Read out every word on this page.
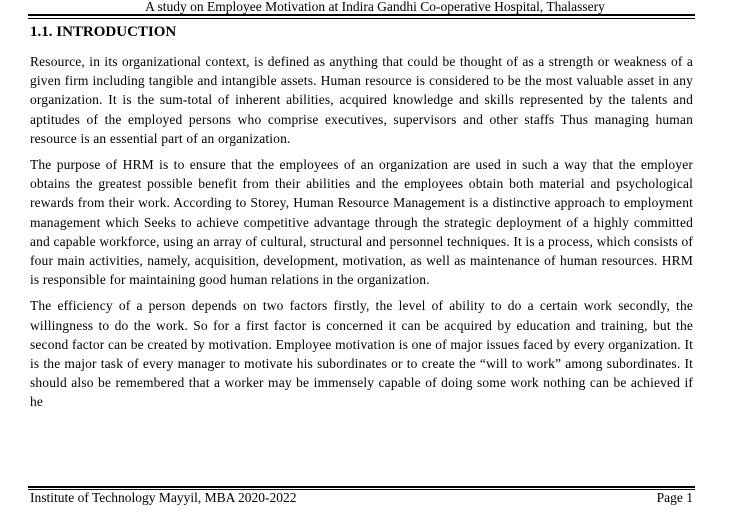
A study on Employee Motivation at Indira Gandhi Co-operative Hospital, Thalassery
1.1. INTRODUCTION

Resource, in its organizational context, is defined as anything that could be thought of as a strength or weakness of a given firm including tangible and intangible assets. Human resource is considered to be the most valuable asset in any organization. It is the sum-total of inherent abilities, acquired knowledge and skills represented by the talents and aptitudes of the employed persons who comprise executives, supervisors and other staffs Thus managing human resource is an essential part of an organization.

The purpose of HRM is to ensure that the employees of an organization are used in such a way that the employer obtains the greatest possible benefit from their abilities and the employees obtain both material and psychological rewards from their work. According to Storey, Human Resource Management is a distinctive approach to employment management which Seeks to achieve competitive advantage through the strategic deployment of a highly committed and capable workforce, using an array of cultural, structural and personnel techniques. It is a process, which consists of four main activities, namely, acquisition, development, motivation, as well as maintenance of human resources. HRM is responsible for maintaining good human relations in the organization.

The efficiency of a person depends on two factors firstly, the level of ability to do a certain work secondly, the willingness to do the work. So for a first factor is concerned it can be acquired by education and training, but the second factor can be created by motivation. Employee motivation is one of major issues faced by every organization. It is the major task of every manager to motivate his subordinates or to create the “will to work” among subordinates. It should also be remembered that a worker may be immensely capable of doing some work nothing can be achieved if he

Institute of Technology Mayyil, MBA 2020-2022	Page 1
